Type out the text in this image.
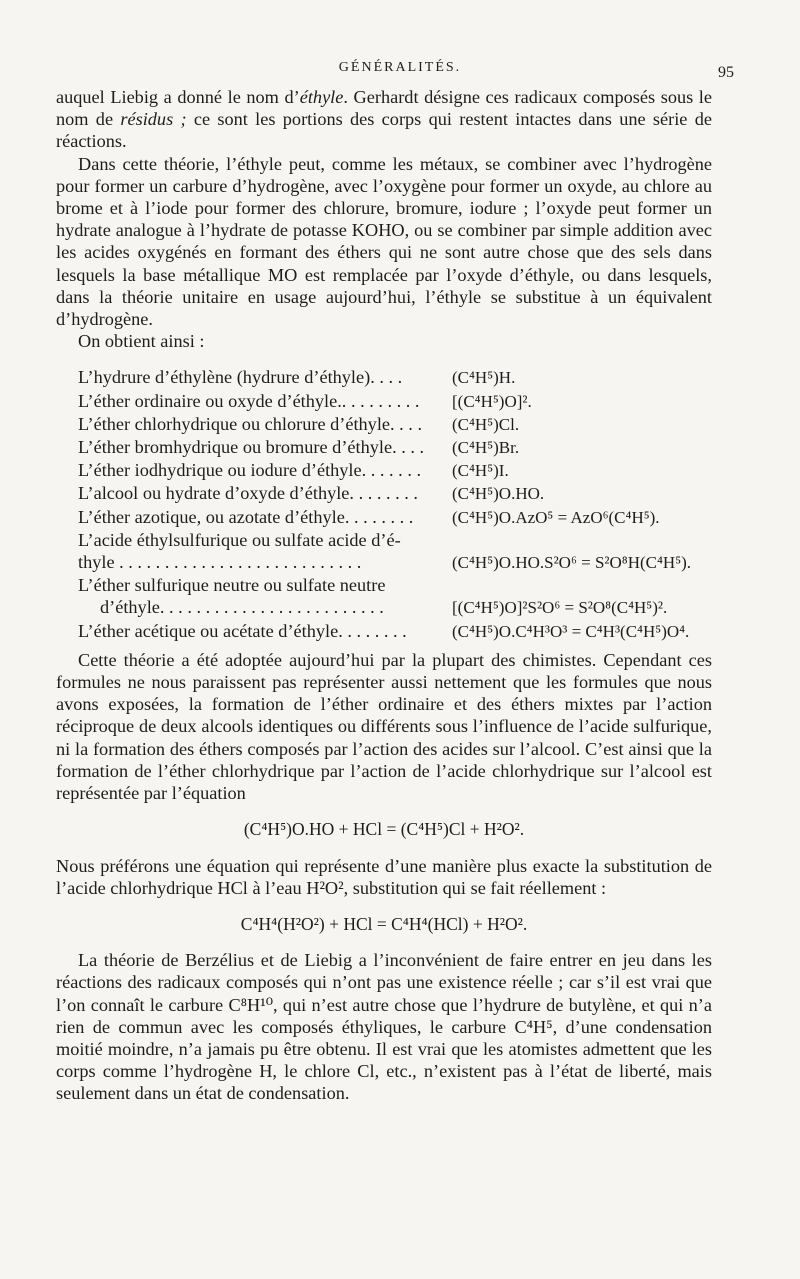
GÉNÉRALITÉS.	95

auquel Liebig a donné le nom d’éthyle. Gerhardt désigne ces radicaux composés sous le nom de résidus ; ce sont les portions des corps qui restent intactes dans une série de réactions.

Dans cette théorie, l’éthyle peut, comme les métaux, se combiner avec l’hydrogène pour former un carbure d’hydrogène, avec l’oxygène pour former un oxyde, au chlore au brome et à l’iode pour former des chlorure, bromure, iodure ; l’oxyde peut former un hydrate analogue à l’hydrate de potasse KOHO, ou se combiner par simple addition avec les acides oxygénés en formant des éthers qui ne sont autre chose que des sels dans lesquels la base métallique MO est remplacée par l’oxyde d’éthyle, ou dans lesquels, dans la théorie unitaire en usage aujourd’hui, l’éthyle se substitue à un équivalent d’hydrogène.

On obtient ainsi :

L’hydrure d’éthylène (hydrure d’éthyle). . . .	(C⁴H⁵)H.
L’éther ordinaire ou oxyde d’éthyle.. . . . . . . . .	[(C⁴H⁵)O]².
L’éther chlorhydrique ou chlorure d’éthyle. . . .	(C⁴H⁵)Cl.
L’éther bromhydrique ou bromure d’éthyle. . . .	(C⁴H⁵)Br.
L’éther iodhydrique ou iodure d’éthyle. . . . . . .	(C⁴H⁵)I.
L’alcool ou hydrate d’oxyde d’éthyle. . . . . . . .	(C⁴H⁵)O.HO.
L’éther azotique, ou azotate d’éthyle. . . . . . . .	(C⁴H⁵)O.AzO⁵ = AzO⁶(C⁴H⁵).
L’acide éthylsulfurique ou sulfate acide d’é-
thyle . . . . . . . . . . . . . . . . . . . . . . . . . . .	(C⁴H⁵)O.HO.S²O⁶ = S²O⁸H(C⁴H⁵).
L’éther sulfurique neutre ou sulfate neutre
d’éthyle. . . . . . . . . . . . . . . . . . . . . . . . .	[(C⁴H⁵)O]²S²O⁶ = S²O⁸(C⁴H⁵)².
L’éther acétique ou acétate d’éthyle. . . . . . . .	(C⁴H⁵)O.C⁴H³O³ = C⁴H³(C⁴H⁵)O⁴.

Cette théorie a été adoptée aujourd’hui par la plupart des chimistes. Cependant ces formules ne nous paraissent pas représenter aussi nettement que les formules que nous avons exposées, la formation de l’éther ordinaire et des éthers mixtes par l’action réciproque de deux alcools identiques ou différents sous l’influence de l’acide sulfurique, ni la formation des éthers composés par l’action des acides sur l’alcool. C’est ainsi que la formation de l’éther chlorhydrique par l’action de l’acide chlorhydrique sur l’alcool est représentée par l’équation

(C⁴H⁵)O.HO + HCl = (C⁴H⁵)Cl + H²O².

Nous préférons une équation qui représente d’une manière plus exacte la substitution de l’acide chlorhydrique HCl à l’eau H²O², substitution qui se fait réellement :

C⁴H⁴(H²O²) + HCl = C⁴H⁴(HCl) + H²O².

La théorie de Berzélius et de Liebig a l’inconvénient de faire entrer en jeu dans les réactions des radicaux composés qui n’ont pas une existence réelle ; car s’il est vrai que l’on connaît le carbure C⁸H¹⁰, qui n’est autre chose que l’hydrure de butylène, et qui n’a rien de commun avec les composés éthyliques, le carbure C⁴H⁵, d’une condensation moitié moindre, n’a jamais pu être obtenu. Il est vrai que les atomistes admettent que les corps comme l’hydrogène H, le chlore Cl, etc., n’existent pas à l’état de liberté, mais seulement dans un état de condensation.
